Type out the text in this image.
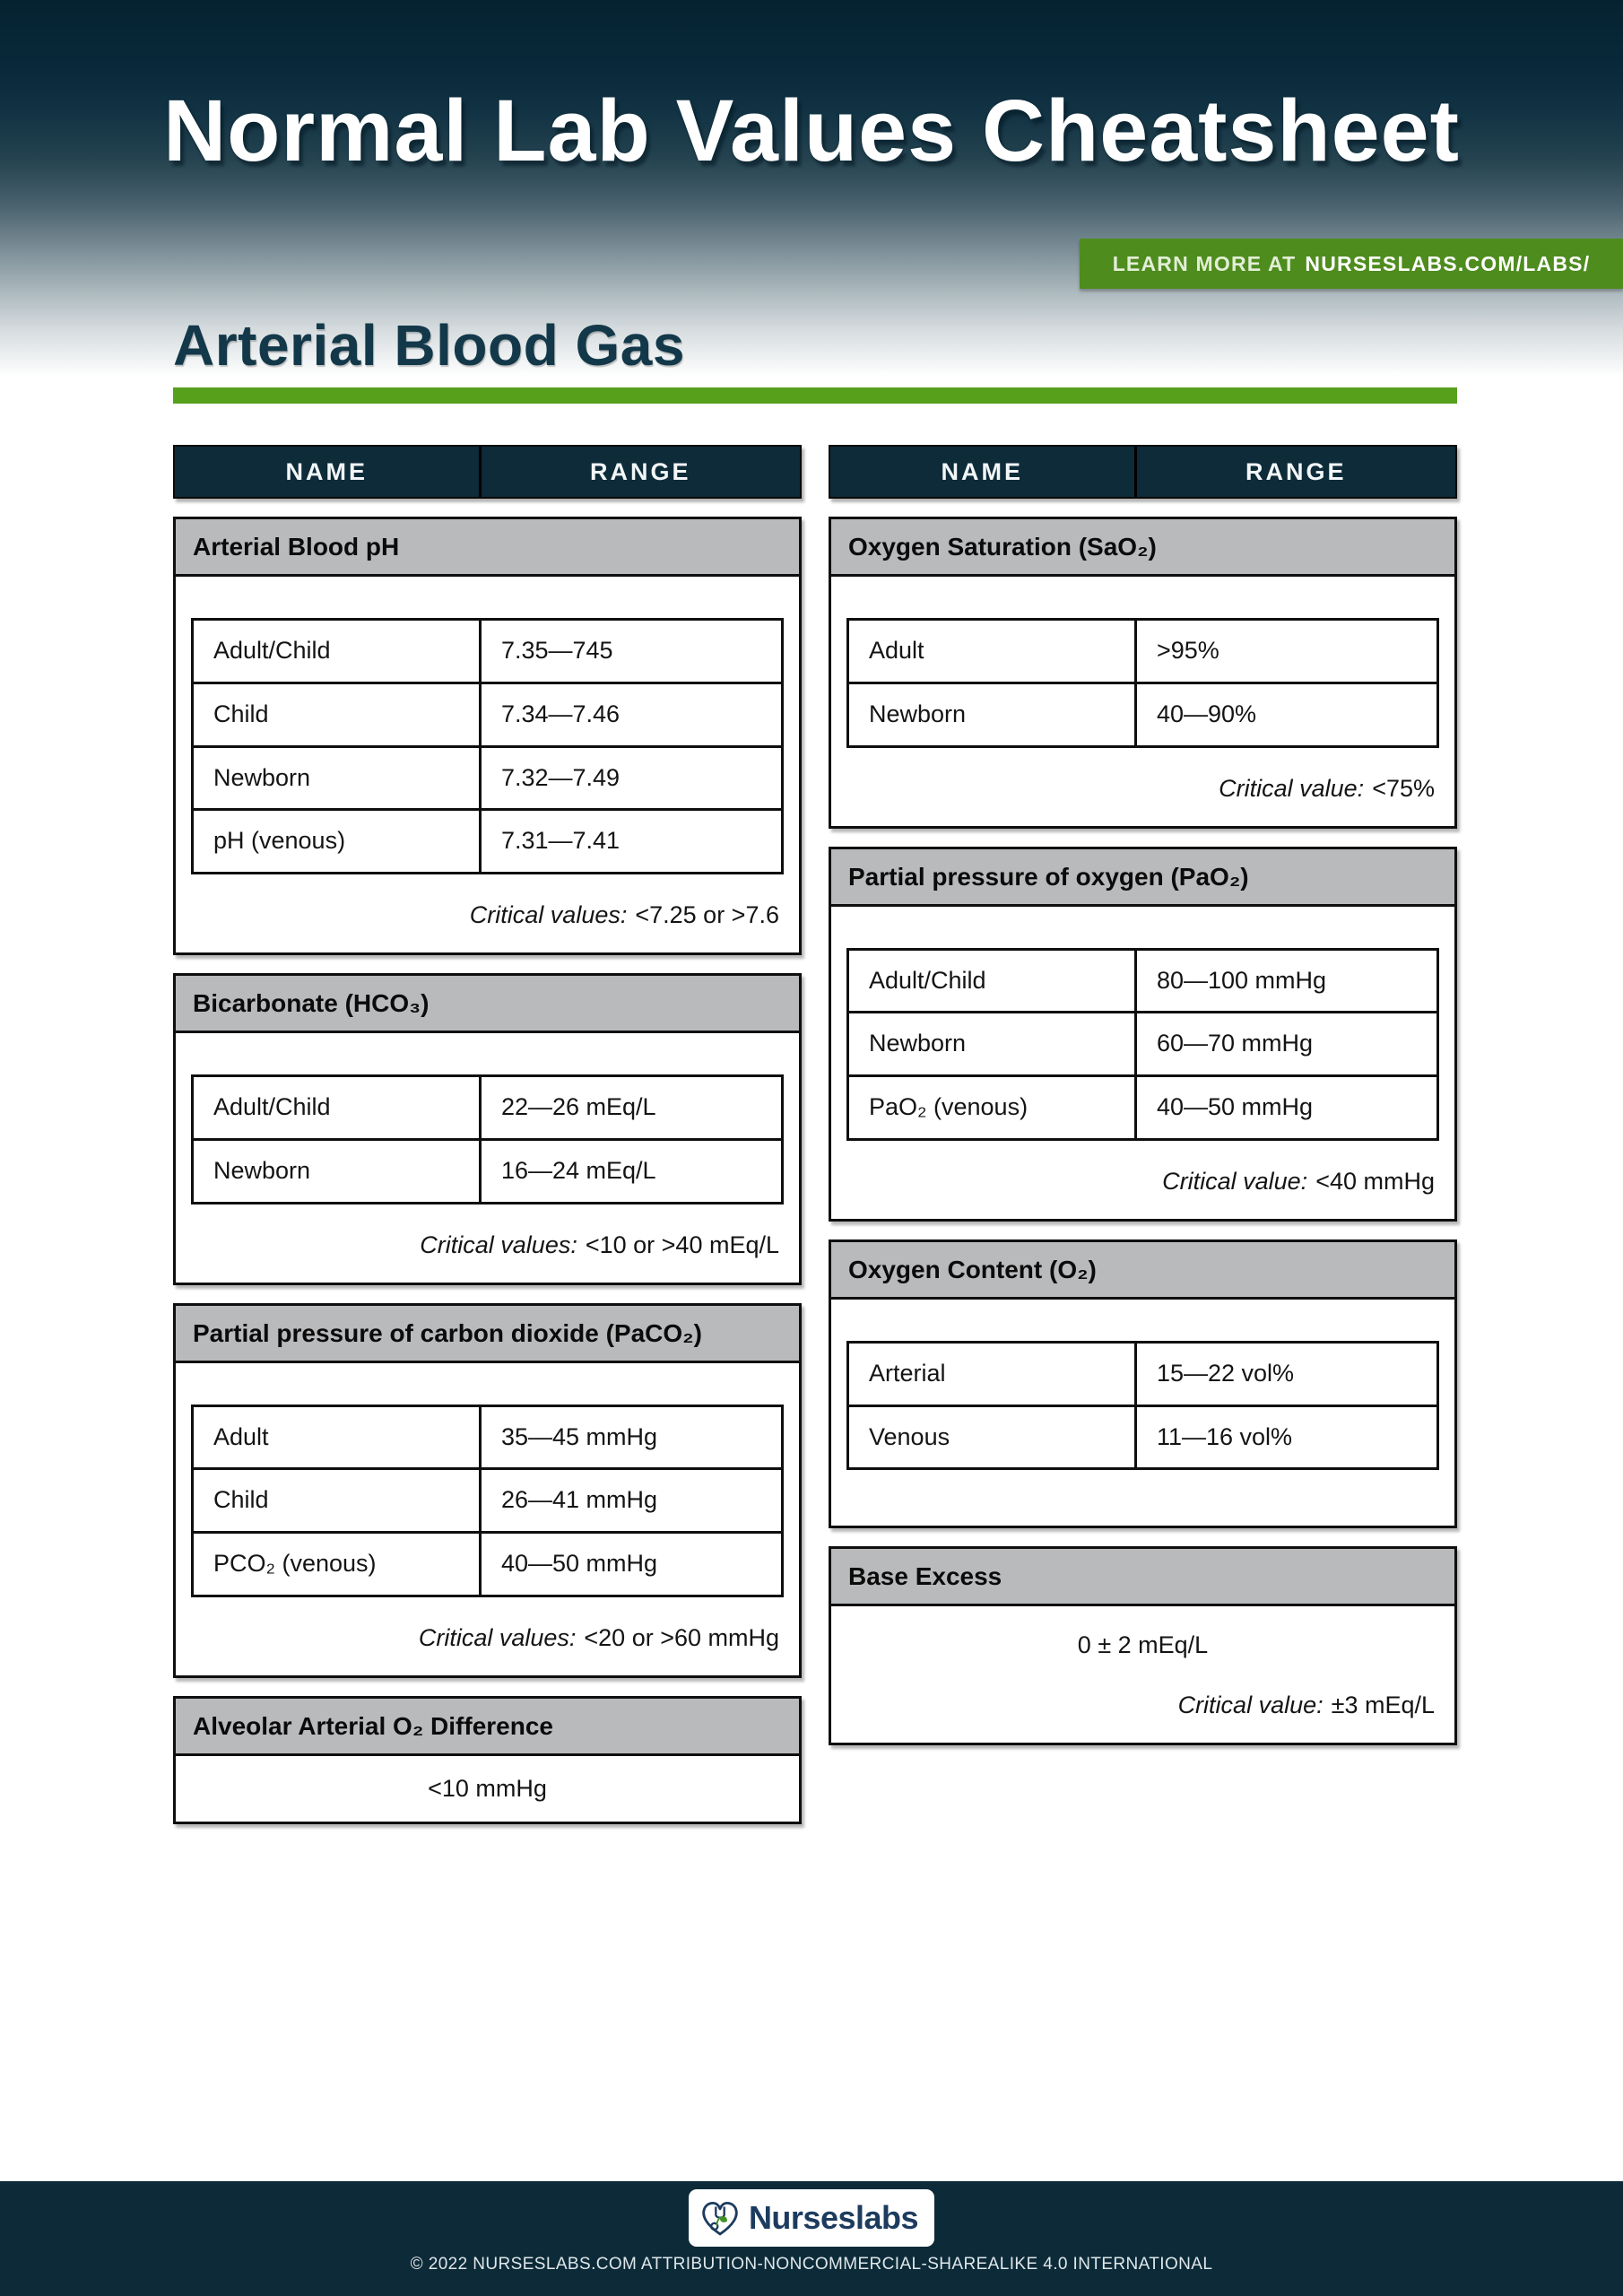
Normal Lab Values Cheatsheet
LEARN MORE AT NURSESLABS.COM/LABS/
Arterial Blood Gas
NAME	RANGE
Arterial Blood pH
Adult/Child	7.35—745
Child	7.34—7.46
Newborn	7.32—7.49
pH (venous)	7.31—7.41
Critical values: <7.25 or >7.6
Bicarbonate (HCO₃)
Adult/Child	22—26 mEq/L
Newborn	16—24 mEq/L
Critical values: <10 or >40 mEq/L
Partial pressure of carbon dioxide (PaCO₂)
Adult	35—45 mmHg
Child	26—41 mmHg
PCO₂ (venous)	40—50 mmHg
Critical values: <20 or >60 mmHg
Alveolar Arterial O₂ Difference
<10 mmHg
NAME	RANGE
Oxygen Saturation (SaO₂)
Adult	>95%
Newborn	40—90%
Critical value: <75%
Partial pressure of oxygen (PaO₂)
Adult/Child	80—100 mmHg
Newborn	60—70 mmHg
PaO₂ (venous)	40—50 mmHg
Critical value: <40 mmHg
Oxygen Content (O₂)
Arterial	15—22 vol%
Venous	11—16 vol%
Base Excess
0 ± 2 mEq/L
Critical value: ±3 mEq/L
Nurseslabs
© 2022 NURSESLABS.COM ATTRIBUTION-NONCOMMERCIAL-SHAREALIKE 4.0 INTERNATIONAL
